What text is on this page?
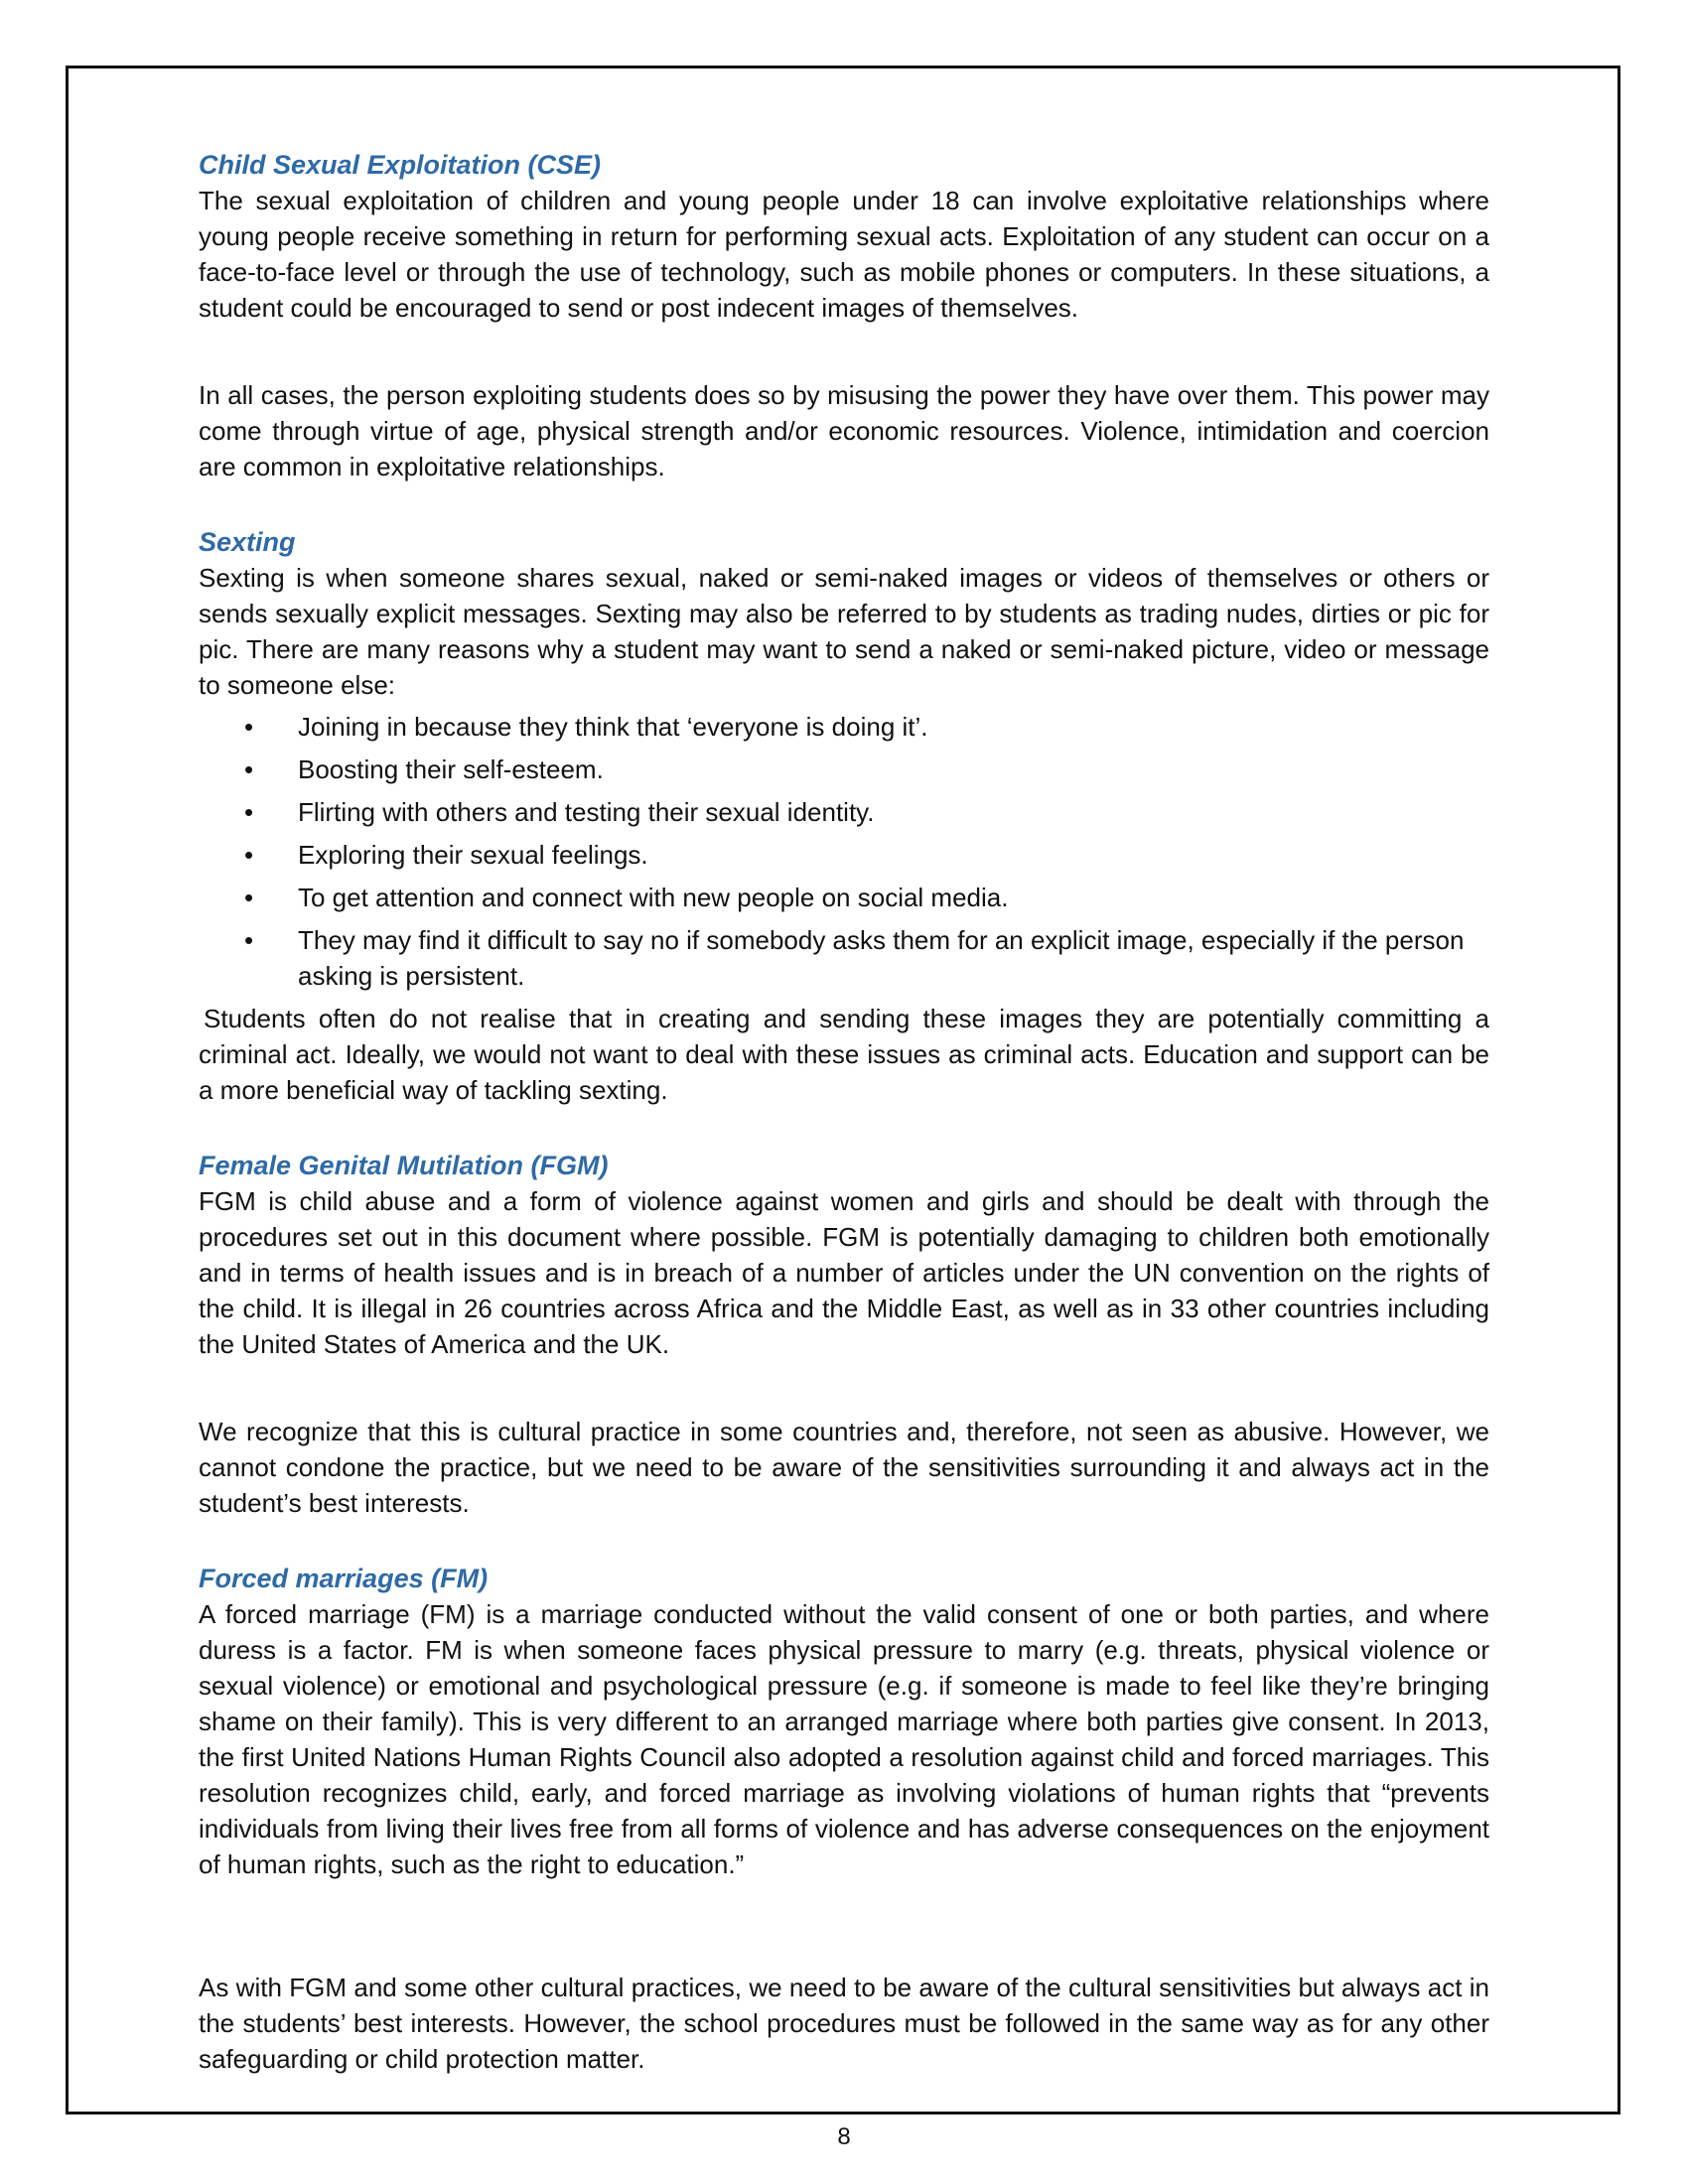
Child Sexual Exploitation (CSE)

The sexual exploitation of children and young people under 18 can involve exploitative relationships where young people receive something in return for performing sexual acts. Exploitation of any student can occur on a face-to-face level or through the use of technology, such as mobile phones or computers. In these situations, a student could be encouraged to send or post indecent images of themselves.

In all cases, the person exploiting students does so by misusing the power they have over them. This power may come through virtue of age, physical strength and/or economic resources. Violence, intimidation and coercion are common in exploitative relationships.

Sexting

Sexting is when someone shares sexual, naked or semi-naked images or videos of themselves or others or sends sexually explicit messages. Sexting may also be referred to by students as trading nudes, dirties or pic for pic. There are many reasons why a student may want to send a naked or semi-naked picture, video or message to someone else:

• Joining in because they think that ‘everyone is doing it’.
• Boosting their self-esteem.
• Flirting with others and testing their sexual identity.
• Exploring their sexual feelings.
• To get attention and connect with new people on social media.
• They may find it difficult to say no if somebody asks them for an explicit image, especially if the person asking is persistent.

Students often do not realise that in creating and sending these images they are potentially committing a criminal act. Ideally, we would not want to deal with these issues as criminal acts. Education and support can be a more beneficial way of tackling sexting.

Female Genital Mutilation (FGM)

FGM is child abuse and a form of violence against women and girls and should be dealt with through the procedures set out in this document where possible. FGM is potentially damaging to children both emotionally and in terms of health issues and is in breach of a number of articles under the UN convention on the rights of the child. It is illegal in 26 countries across Africa and the Middle East, as well as in 33 other countries including the United States of America and the UK.

We recognize that this is cultural practice in some countries and, therefore, not seen as abusive. However, we cannot condone the practice, but we need to be aware of the sensitivities surrounding it and always act in the student’s best interests.

Forced marriages (FM)

A forced marriage (FM) is a marriage conducted without the valid consent of one or both parties, and where duress is a factor. FM is when someone faces physical pressure to marry (e.g. threats, physical violence or sexual violence) or emotional and psychological pressure (e.g. if someone is made to feel like they’re bringing shame on their family). This is very different to an arranged marriage where both parties give consent. In 2013, the first United Nations Human Rights Council also adopted a resolution against child and forced marriages. This resolution recognizes child, early, and forced marriage as involving violations of human rights that “prevents individuals from living their lives free from all forms of violence and has adverse consequences on the enjoyment of human rights, such as the right to education.”

As with FGM and some other cultural practices, we need to be aware of the cultural sensitivities but always act in the students’ best interests. However, the school procedures must be followed in the same way as for any other safeguarding or child protection matter.

8
